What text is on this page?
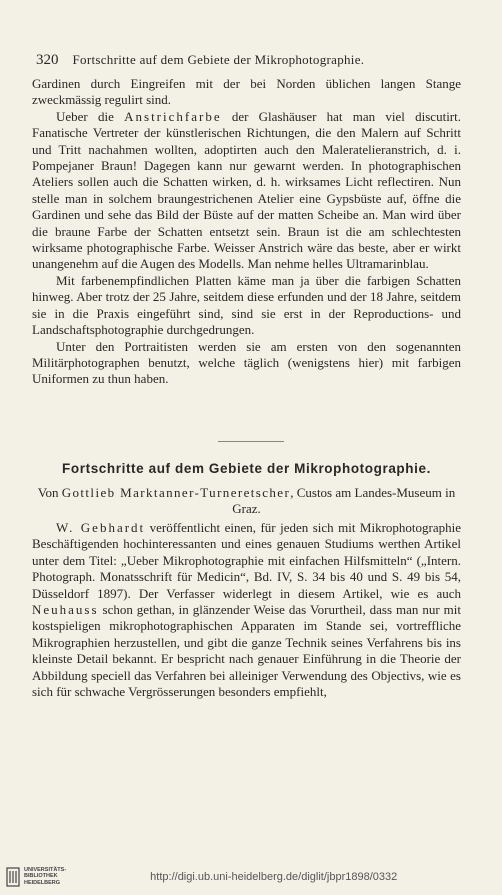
320 Fortschritte auf dem Gebiete der Mikrophotographie.

Gardinen durch Eingreifen mit der bei Norden üblichen langen Stange zweckmässig regulirt sind.

Ueber die Anstrichfarbe der Glashäuser hat man viel discutirt. Fanatische Vertreter der künstlerischen Richtungen, die den Malern auf Schritt und Tritt nachahmen wollten, adoptirten auch den Maleratelieranstrich, d. i. Pompejaner Braun! Dagegen kann nur gewarnt werden. In photographischen Ateliers sollen auch die Schatten wirken, d. h. wirksames Licht reflectiren. Nun stelle man in solchem braungestrichenen Atelier eine Gypsbüste auf, öffne die Gardinen und sehe das Bild der Büste auf der matten Scheibe an. Man wird über die braune Farbe der Schatten entsetzt sein. Braun ist die am schlechtesten wirksame photographische Farbe. Weisser Anstrich wäre das beste, aber er wirkt unangenehm auf die Augen des Modells. Man nehme helles Ultramarinblau.

Mit farbenempfindlichen Platten käme man ja über die farbigen Schatten hinweg. Aber trotz der 25 Jahre, seitdem diese erfunden und der 18 Jahre, seitdem sie in die Praxis eingeführt sind, sind sie erst in der Reproductions- und Landschaftsphotographie durchgedrungen.

Unter den Portraitisten werden sie am ersten von den sogenannten Militärphotographen benutzt, welche täglich (wenigstens hier) mit farbigen Uniformen zu thun haben.

Fortschritte auf dem Gebiete der Mikrophotographie.
Von Gottlieb Marktanner-Turneretscher, Custos am Landes-Museum in Graz.

W. Gebhardt veröffentlicht einen, für jeden sich mit Mikrophotographie Beschäftigenden hochinteressanten und eines genauen Studiums werthen Artikel unter dem Titel: „Ueber Mikrophotographie mit einfachen Hilfsmitteln“ („Intern. Photograph. Monatsschrift für Medicin“, Bd. IV, S. 34 bis 40 und S. 49 bis 54, Düsseldorf 1897). Der Verfasser widerlegt in diesem Artikel, wie es auch Neuhauss schon gethan, in glänzender Weise das Vorurtheil, dass man nur mit kostspieligen mikrophotographischen Apparaten im Stande sei, vortreffliche Mikrographien herzustellen, und gibt die ganze Technik seines Verfahrens bis ins kleinste Detail bekannt. Er bespricht nach genauer Einführung in die Theorie der Abbildung speciell das Verfahren bei alleiniger Verwendung des Objectivs, wie es sich für schwache Vergrösserungen besonders empfiehlt,

UNIVERSITÄTS-
BIBLIOTHEK
HEIDELBERG
http://digi.ub.uni-heidelberg.de/diglit/jbpr1898/0332
